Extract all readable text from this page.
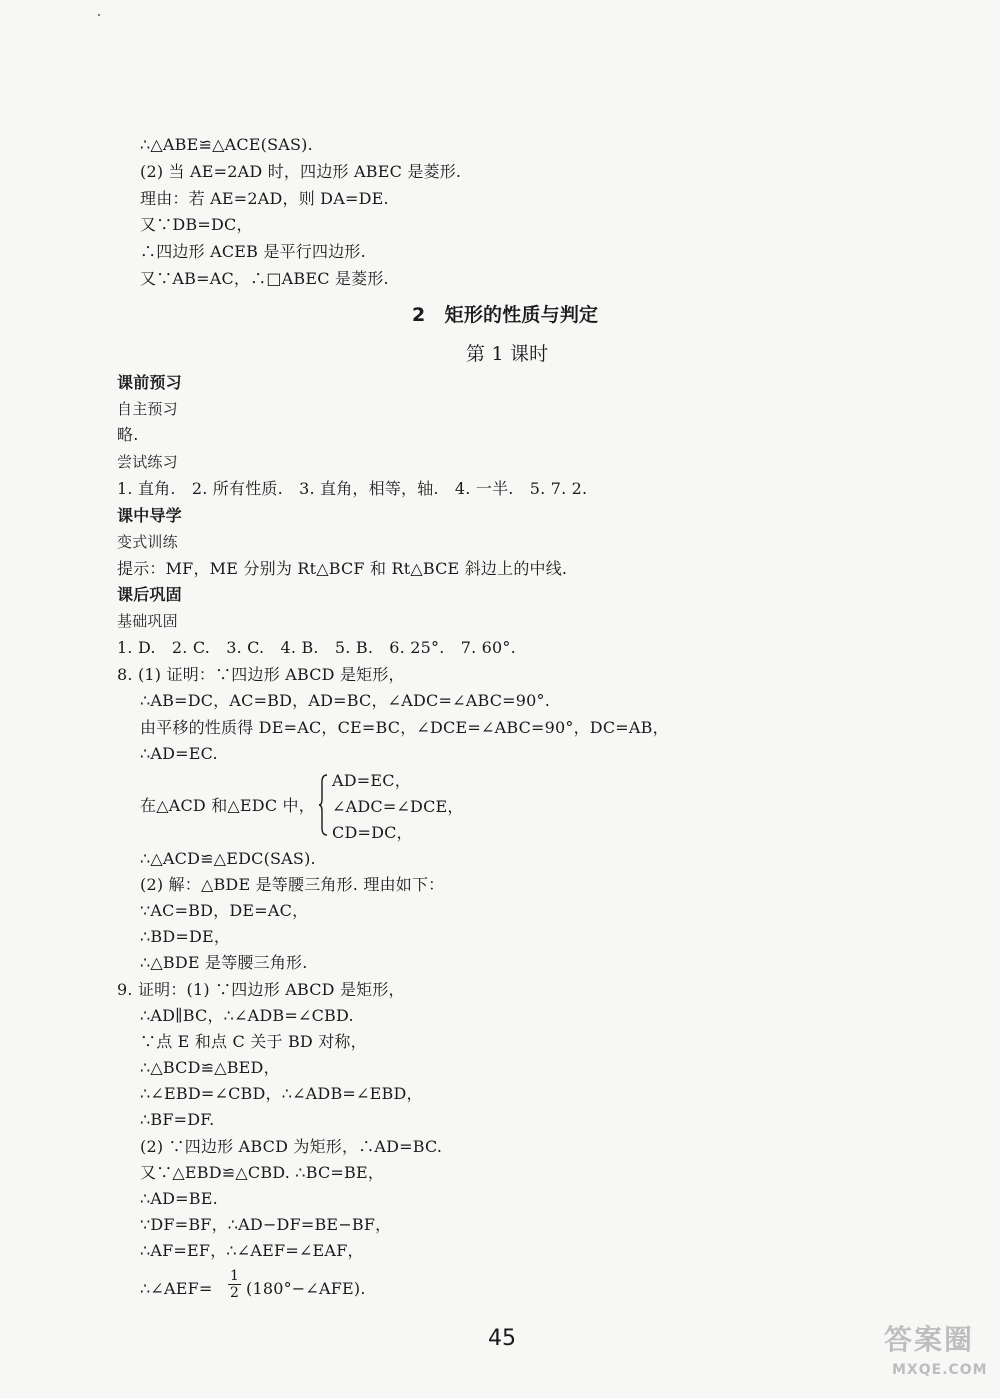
∴△ABE≌△ACE(SAS).
(2) 当 AE=2AD 时，四边形 ABEC 是菱形.
理由：若 AE=2AD，则 DA=DE.
又∵DB=DC，
∴四边形 ACEB 是平行四边形.
又∵AB=AC，∴□ABEC 是菱形.
2　矩形的性质与判定
第 1 课时
课前预习
自主预习
略.
尝试练习
1. 直角.　2. 所有性质.　3. 直角，相等，轴.　4. 一半.　5. 7. 2.
课中导学
变式训练
提示：MF，ME 分别为 Rt△BCF 和 Rt△BCE 斜边上的中线.
课后巩固
基础巩固
1. D.　2. C.　3. C.　4. B.　5. B.　6. 25°.　7. 60°.
8. (1) 证明：∵四边形 ABCD 是矩形，
∴AB=DC，AC=BD，AD=BC，∠ADC=∠ABC=90°.
由平移的性质得 DE=AC，CE=BC，∠DCE=∠ABC=90°，DC=AB，
∴AD=EC.
在△ACD 和△EDC 中，
AD=EC，
∠ADC=∠DCE，
CD=DC，
∴△ACD≌△EDC(SAS).
(2) 解：△BDE 是等腰三角形. 理由如下：
∵AC=BD，DE=AC，
∴BD=DE，
∴△BDE 是等腰三角形.
9. 证明：(1) ∵四边形 ABCD 是矩形，
∴AD∥BC，∴∠ADB=∠CBD.
∵点 E 和点 C 关于 BD 对称，
∴△BCD≌△BED，
∴∠EBD=∠CBD，∴∠ADB=∠EBD，
∴BF=DF.
(2) ∵四边形 ABCD 为矩形，∴AD=BC.
又∵△EBD≌△CBD. ∴BC=BE，
∴AD=BE.
∵DF=BF，∴AD−DF=BE−BF，
∴AF=EF，∴∠AEF=∠EAF，
∴∠AEF= $\frac{1}{2}$ (180°−∠AFE).
45	答案圈
MXQE.COM
